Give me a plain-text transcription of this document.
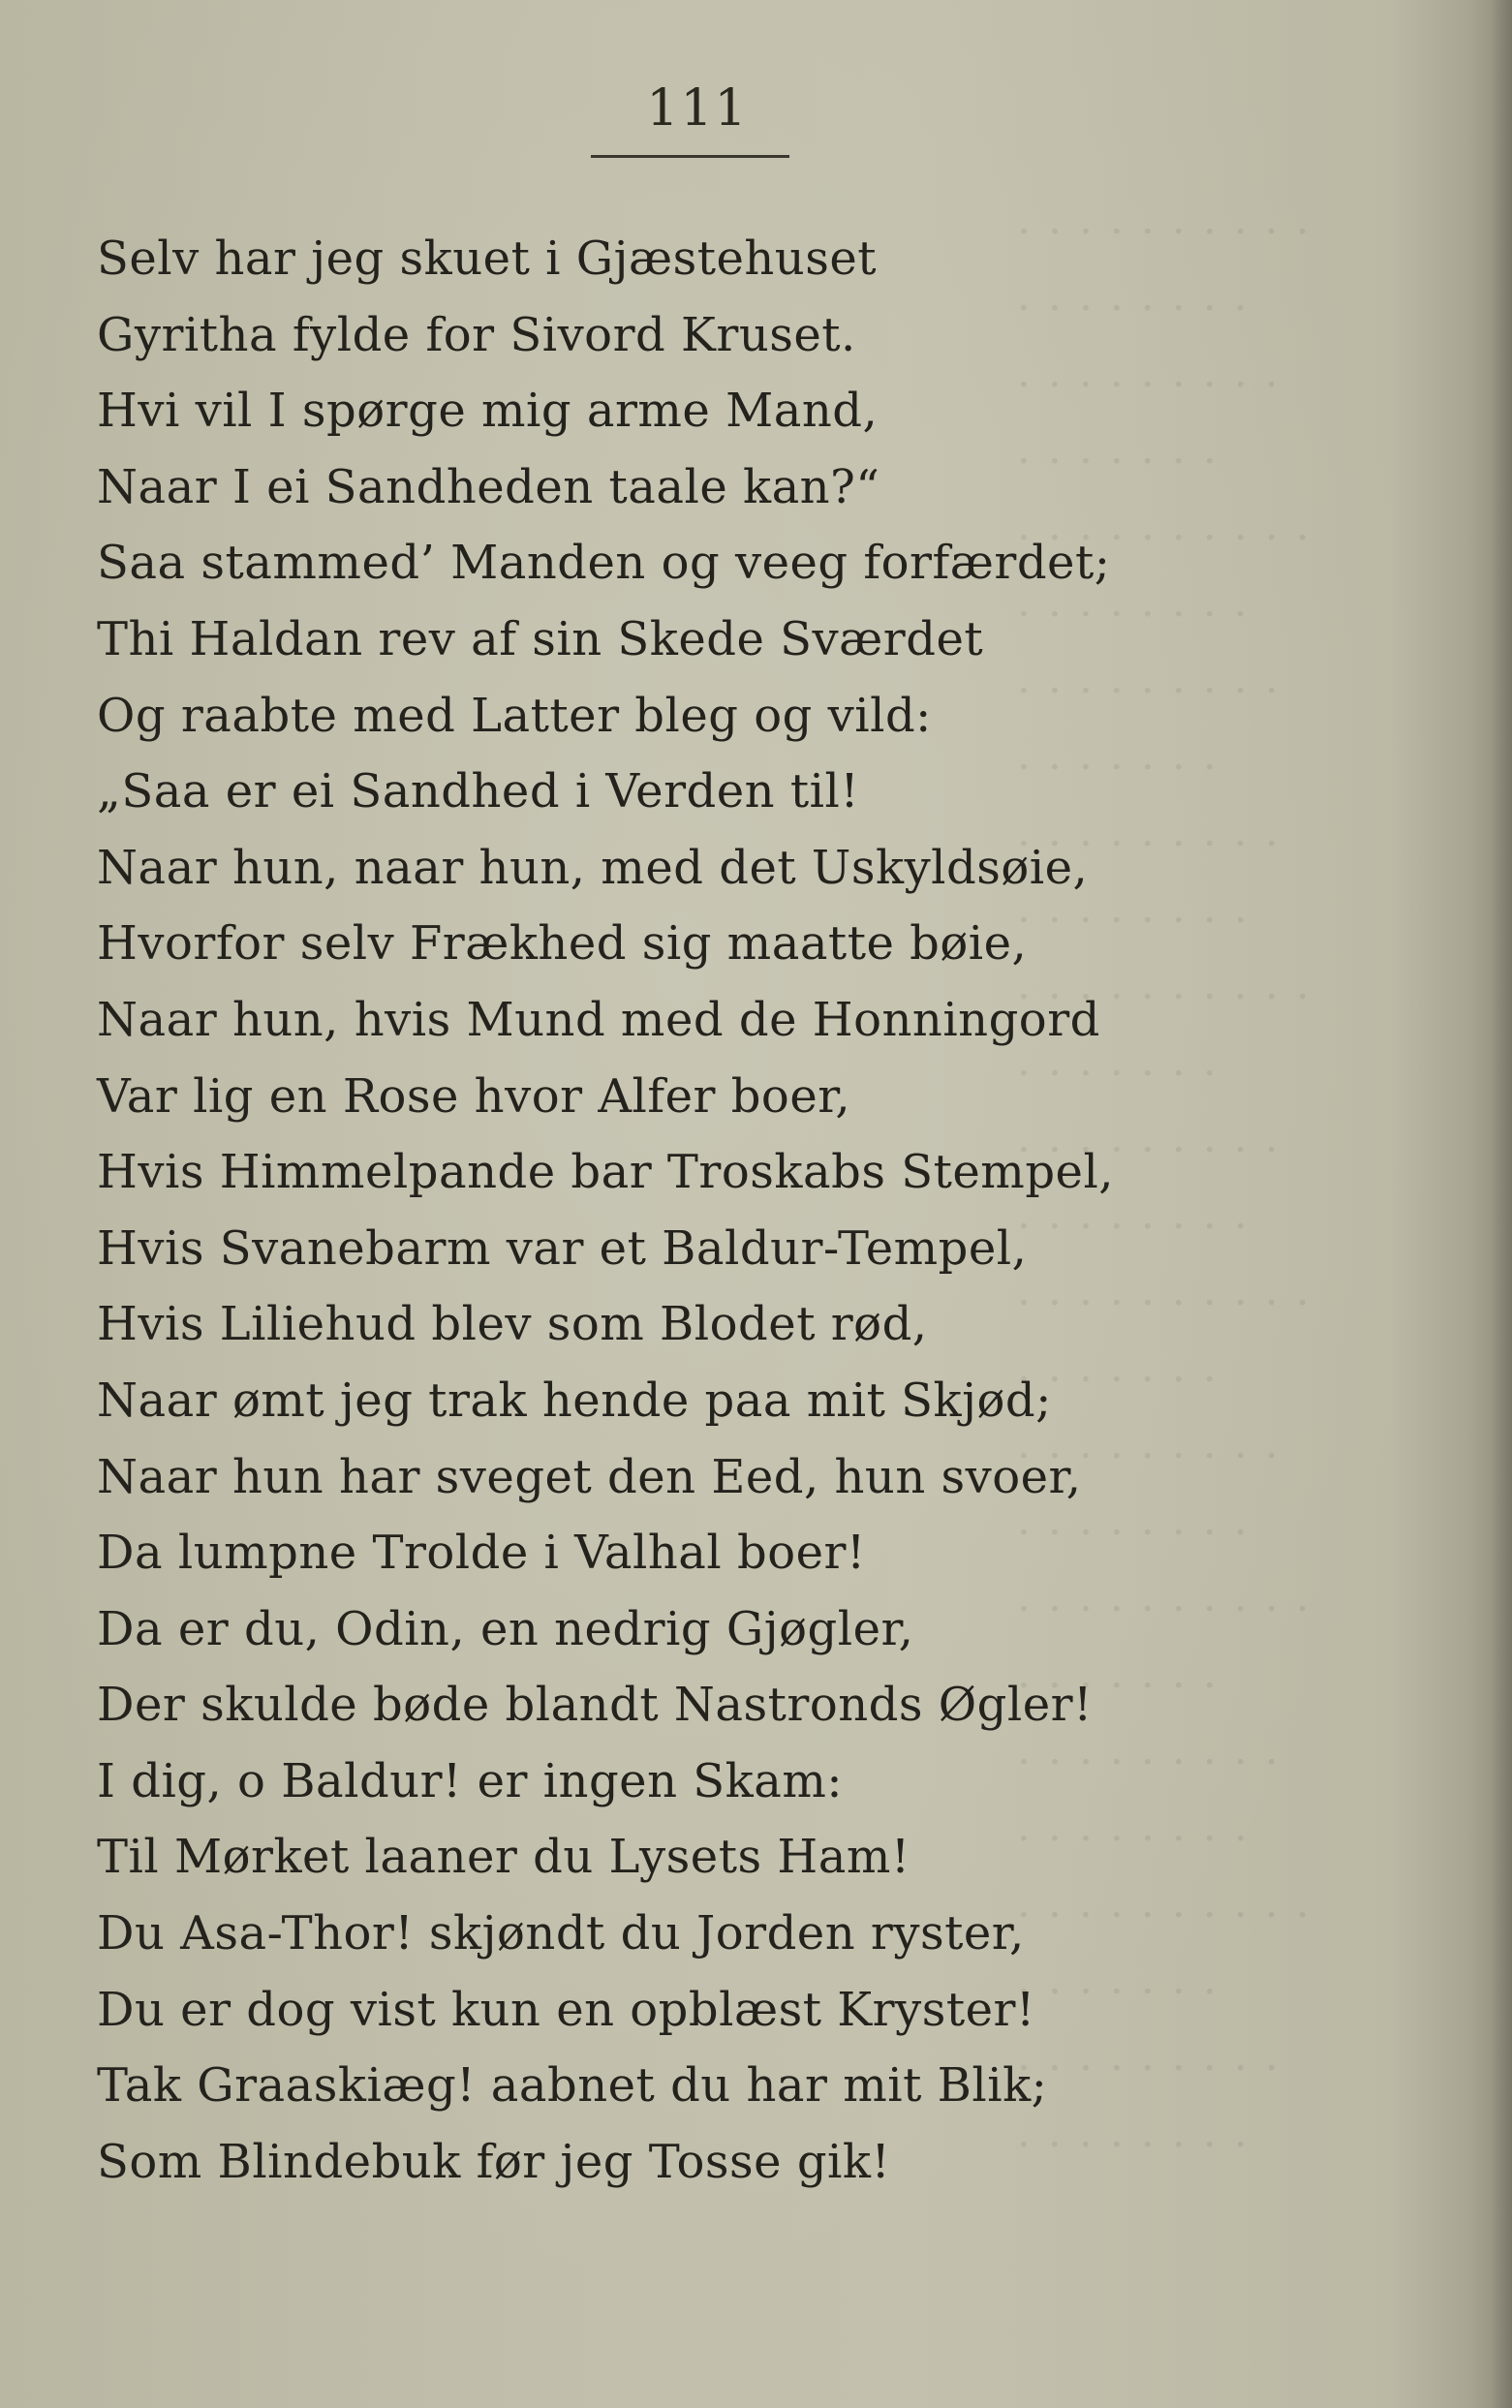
· · · · · · · · · ·
· · · · · · · ·
· · · · · · · · ·
· · · · · · ·
· · · · · · · · · ·
· · · · · · · ·
· · · · · · · · ·
· · · · · · ·
· · · · · · · · ·
· · · · · · · ·
· · · · · · · · · ·
· · · · · · ·
· · · · · · · · ·
· · · · · · · ·
· · · · · · · · · ·
· · · · · · ·
· · · · · · · · ·
· · · · · · · ·
· · · · · · · · · ·
· · · · · · ·
· · · · · · · · ·
· · · · · · · ·
· · · · · · · · · ·
· · · · · · ·
· · · · · · · · ·
· · · · · · · ·
111
Selv har jeg skuet i Gjæstehuset
Gyritha fylde for Sivord Kruset.
Hvi vil I spørge mig arme Mand,
Naar I ei Sandheden taale kan?“
Saa stammed’ Manden og veeg forfærdet;
Thi Haldan rev af sin Skede Sværdet
Og raabte med Latter bleg og vild:
„Saa er ei Sandhed i Verden til!
Naar hun, naar hun, med det Uskyldsøie,
Hvorfor selv Frækhed sig maatte bøie,
Naar hun, hvis Mund med de Honningord
Var lig en Rose hvor Alfer boer,
Hvis Himmelpande bar Troskabs Stempel,
Hvis Svanebarm var et Baldur-Tempel,
Hvis Liliehud blev som Blodet rød,
Naar ømt jeg trak hende paa mit Skjød;
Naar hun har sveget den Eed, hun svoer,
Da lumpne Trolde i Valhal boer!
Da er du, Odin, en nedrig Gjøgler,
Der skulde bøde blandt Nastronds Øgler!
I dig, o Baldur! er ingen Skam:
Til Mørket laaner du Lysets Ham!
Du Asa-Thor! skjøndt du Jorden ryster,
Du er dog vist kun en opblæst Kryster!
Tak Graaskiæg! aabnet du har mit Blik;
Som Blindebuk før jeg Tosse gik!
